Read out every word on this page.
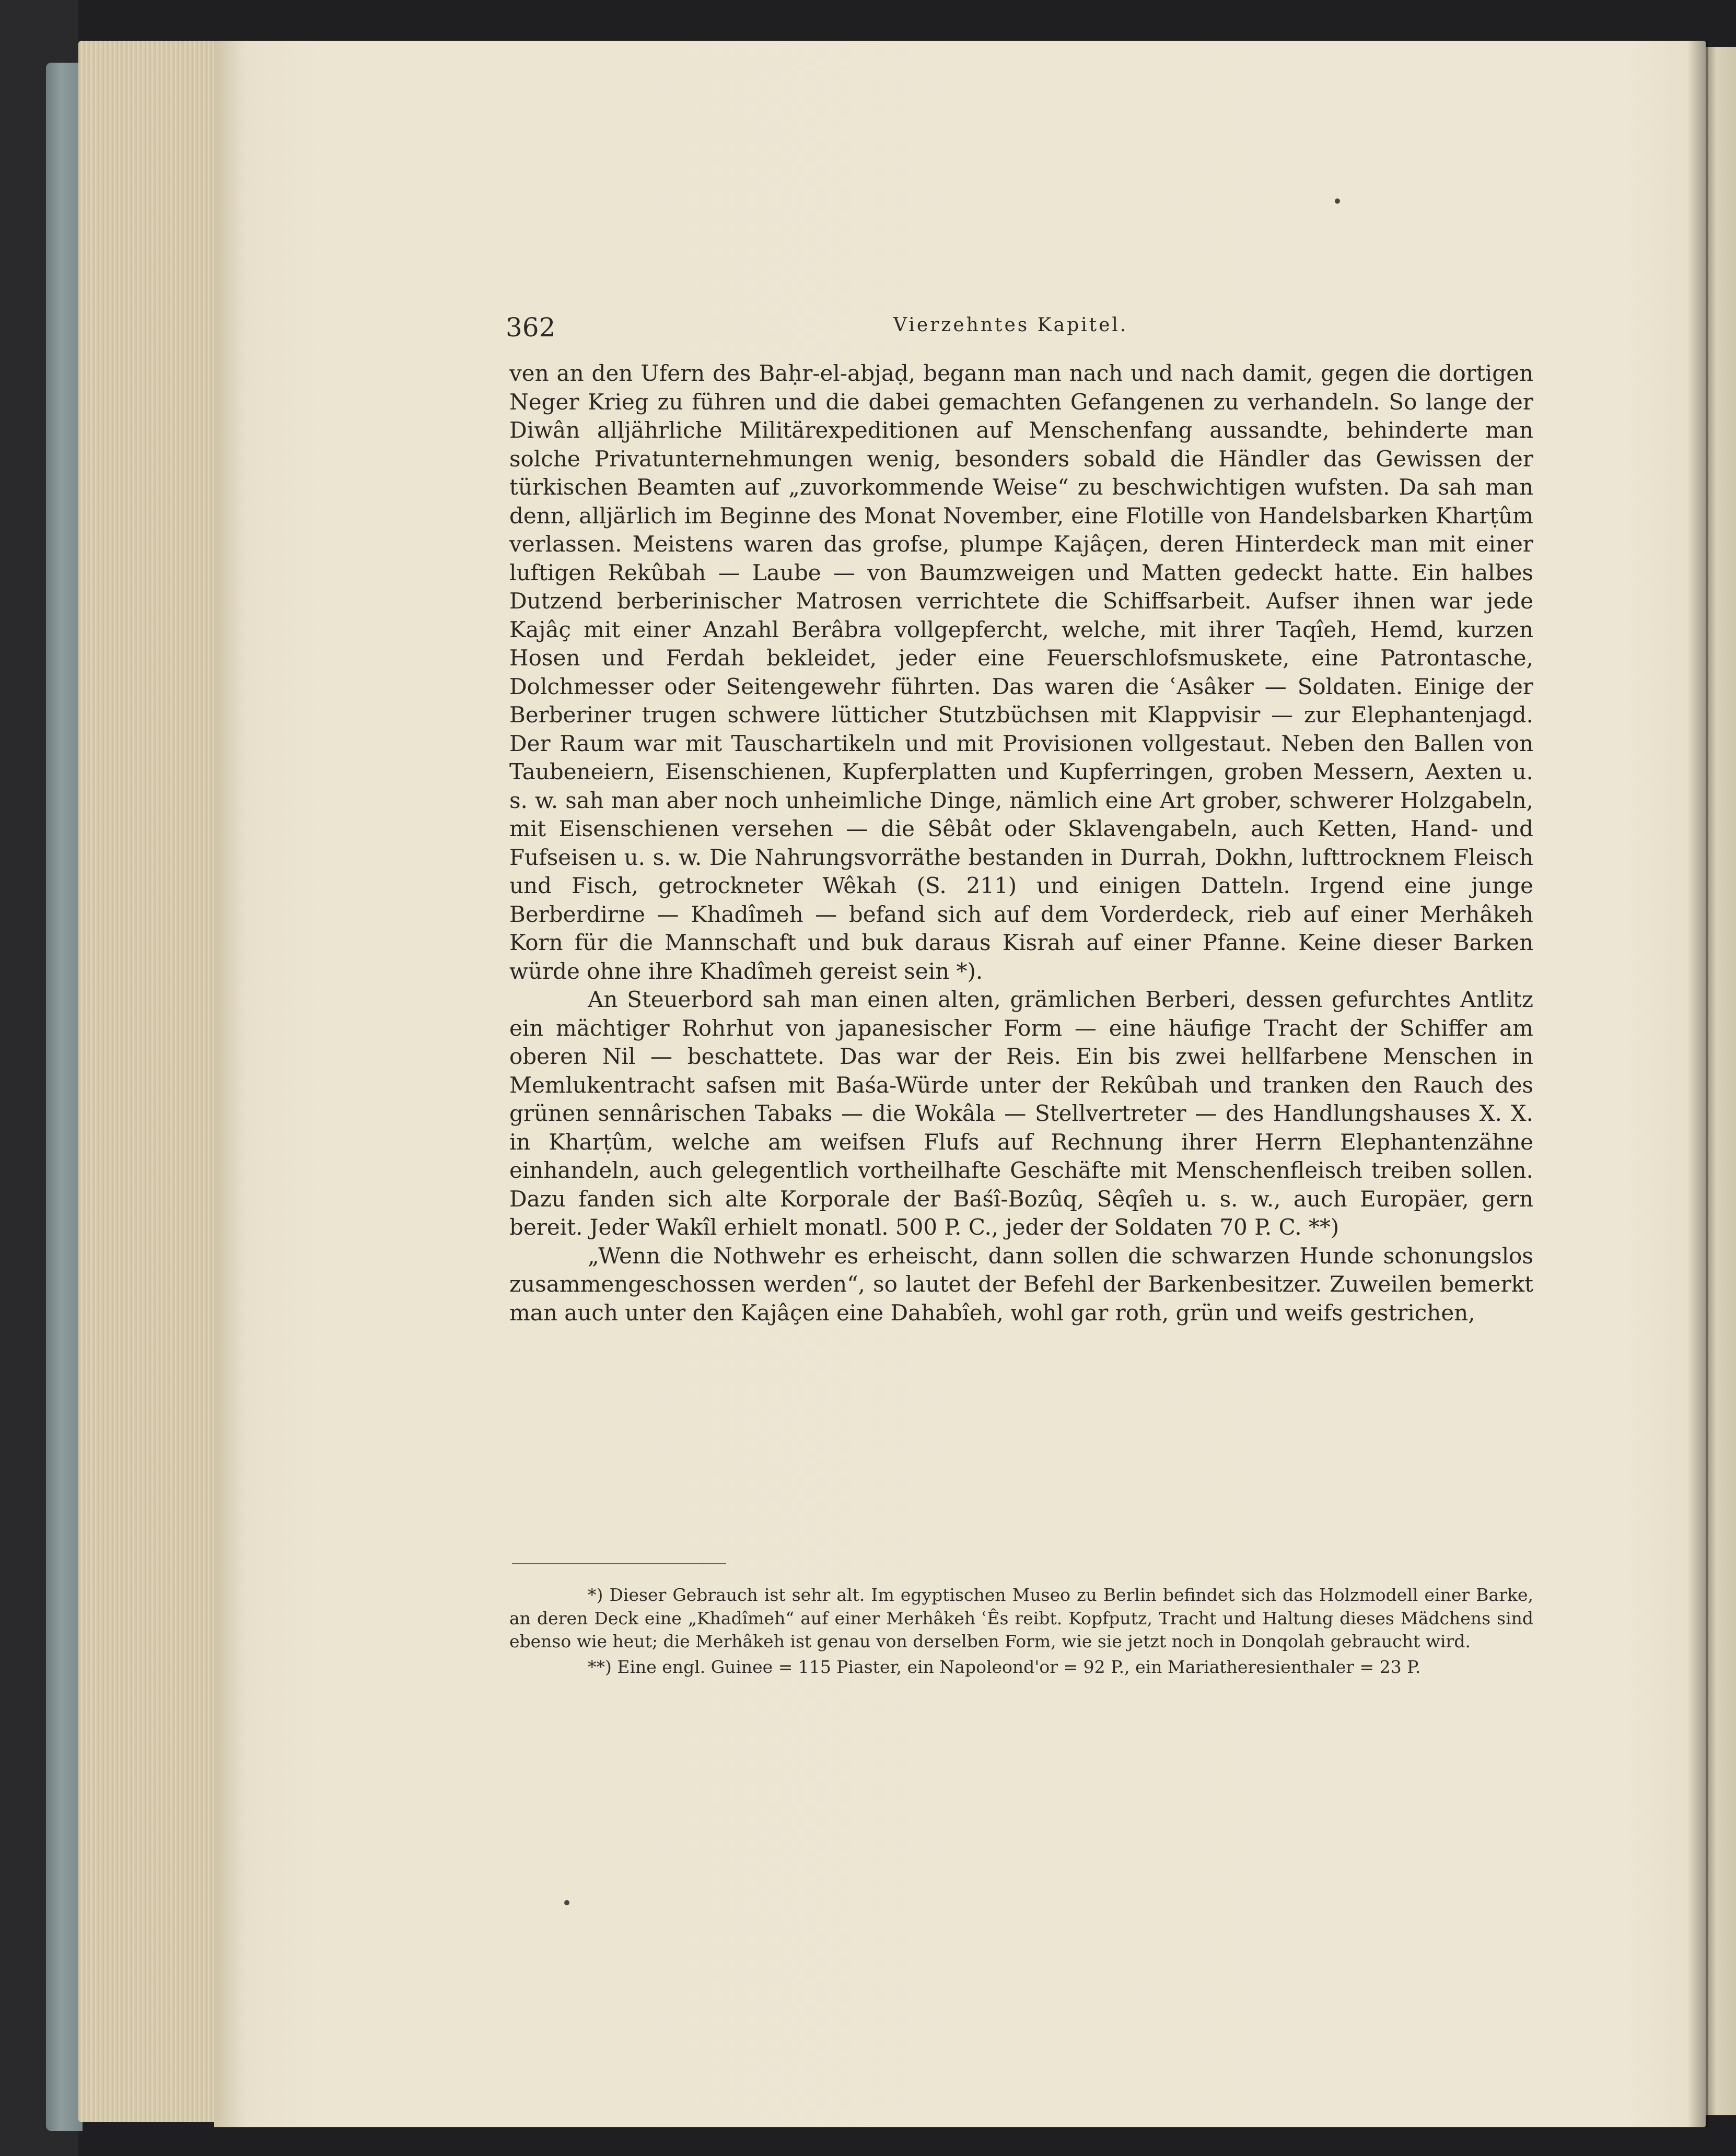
362	Vierzehntes Kapitel.

ven an den Ufern des Baḥr-el-abjaḍ, begann man nach und nach damit, gegen die dortigen Neger Krieg zu führen und die dabei gemachten Gefangenen zu verhandeln. So lange der Diwân alljährliche Militärexpeditionen auf Menschenfang aussandte, behinderte man solche Privatunternehmungen wenig, besonders sobald die Händler das Gewissen der türkischen Beamten auf „zuvorkommende Weise“ zu beschwichtigen wufsten. Da sah man denn, alljärlich im Beginne des Monat November, eine Flotille von Handelsbarken Kharṭûm verlassen. Meistens waren das grofse, plumpe Kajâçen, deren Hinterdeck man mit einer luftigen Rekûbah — Laube — von Baumzweigen und Matten gedeckt hatte. Ein halbes Dutzend berberinischer Matrosen verrichtete die Schiffsarbeit. Aufser ihnen war jede Kajâç mit einer Anzahl Berâbra vollgepfercht, welche, mit ihrer Taqîeh, Hemd, kurzen Hosen und Ferdah bekleidet, jeder eine Feuerschlofsmuskete, eine Patrontasche, Dolchmesser oder Seitengewehr führten. Das waren die ʿAsâker — Soldaten. Einige der Berberiner trugen schwere lütticher Stutzbüchsen mit Klappvisir — zur Elephantenjagd. Der Raum war mit Tauschartikeln und mit Provisionen vollgestaut. Neben den Ballen von Taubeneiern, Eisenschienen, Kupferplatten und Kupferringen, groben Messern, Aexten u. s. w. sah man aber noch unheimliche Dinge, nämlich eine Art grober, schwerer Holzgabeln, mit Eisenschienen versehen — die Sêbât oder Sklavengabeln, auch Ketten, Hand- und Fufseisen u. s. w. Die Nahrungsvorräthe bestanden in Durrah, Dokhn, lufttrocknem Fleisch und Fisch, getrockneter Wêkah (S. 211) und einigen Datteln. Irgend eine junge Berberdirne — Khadîmeh — befand sich auf dem Vorderdeck, rieb auf einer Merhâkeh Korn für die Mannschaft und buk daraus Kisrah auf einer Pfanne. Keine dieser Barken würde ohne ihre Khadîmeh gereist sein *).

An Steuerbord sah man einen alten, grämlichen Berberi, dessen gefurchtes Antlitz ein mächtiger Rohrhut von japanesischer Form — eine häufige Tracht der Schiffer am oberen Nil — beschattete. Das war der Reis. Ein bis zwei hellfarbene Menschen in Memlukentracht safsen mit Baśa-Würde unter der Rekûbah und tranken den Rauch des grünen sennârischen Tabaks — die Wokâla — Stellvertreter — des Handlungshauses X. X. in Kharṭûm, welche am weifsen Flufs auf Rechnung ihrer Herrn Elephantenzähne einhandeln, auch gelegentlich vortheilhafte Geschäfte mit Menschenfleisch treiben sollen. Dazu fanden sich alte Korporale der Baśî-Bozûq, Sêqîeh u. s. w., auch Europäer, gern bereit. Jeder Wakîl erhielt monatl. 500 P. C., jeder der Soldaten 70 P. C. **)

„Wenn die Nothwehr es erheischt, dann sollen die schwarzen Hunde schonungslos zusammengeschossen werden“, so lautet der Befehl der Barkenbesitzer. Zuweilen bemerkt man auch unter den Kajâçen eine Dahabîeh, wohl gar roth, grün und weifs gestrichen,

*) Dieser Gebrauch ist sehr alt. Im egyptischen Museo zu Berlin befindet sich das Holzmodell einer Barke, an deren Deck eine „Khadîmeh“ auf einer Merhâkeh ʿÊs reibt. Kopfputz, Tracht und Haltung dieses Mädchens sind ebenso wie heut; die Merhâkeh ist genau von derselben Form, wie sie jetzt noch in Donqolah gebraucht wird.

**) Eine engl. Guinee = 115 Piaster, ein Napoleond'or = 92 P., ein Mariatheresienthaler = 23 P.
